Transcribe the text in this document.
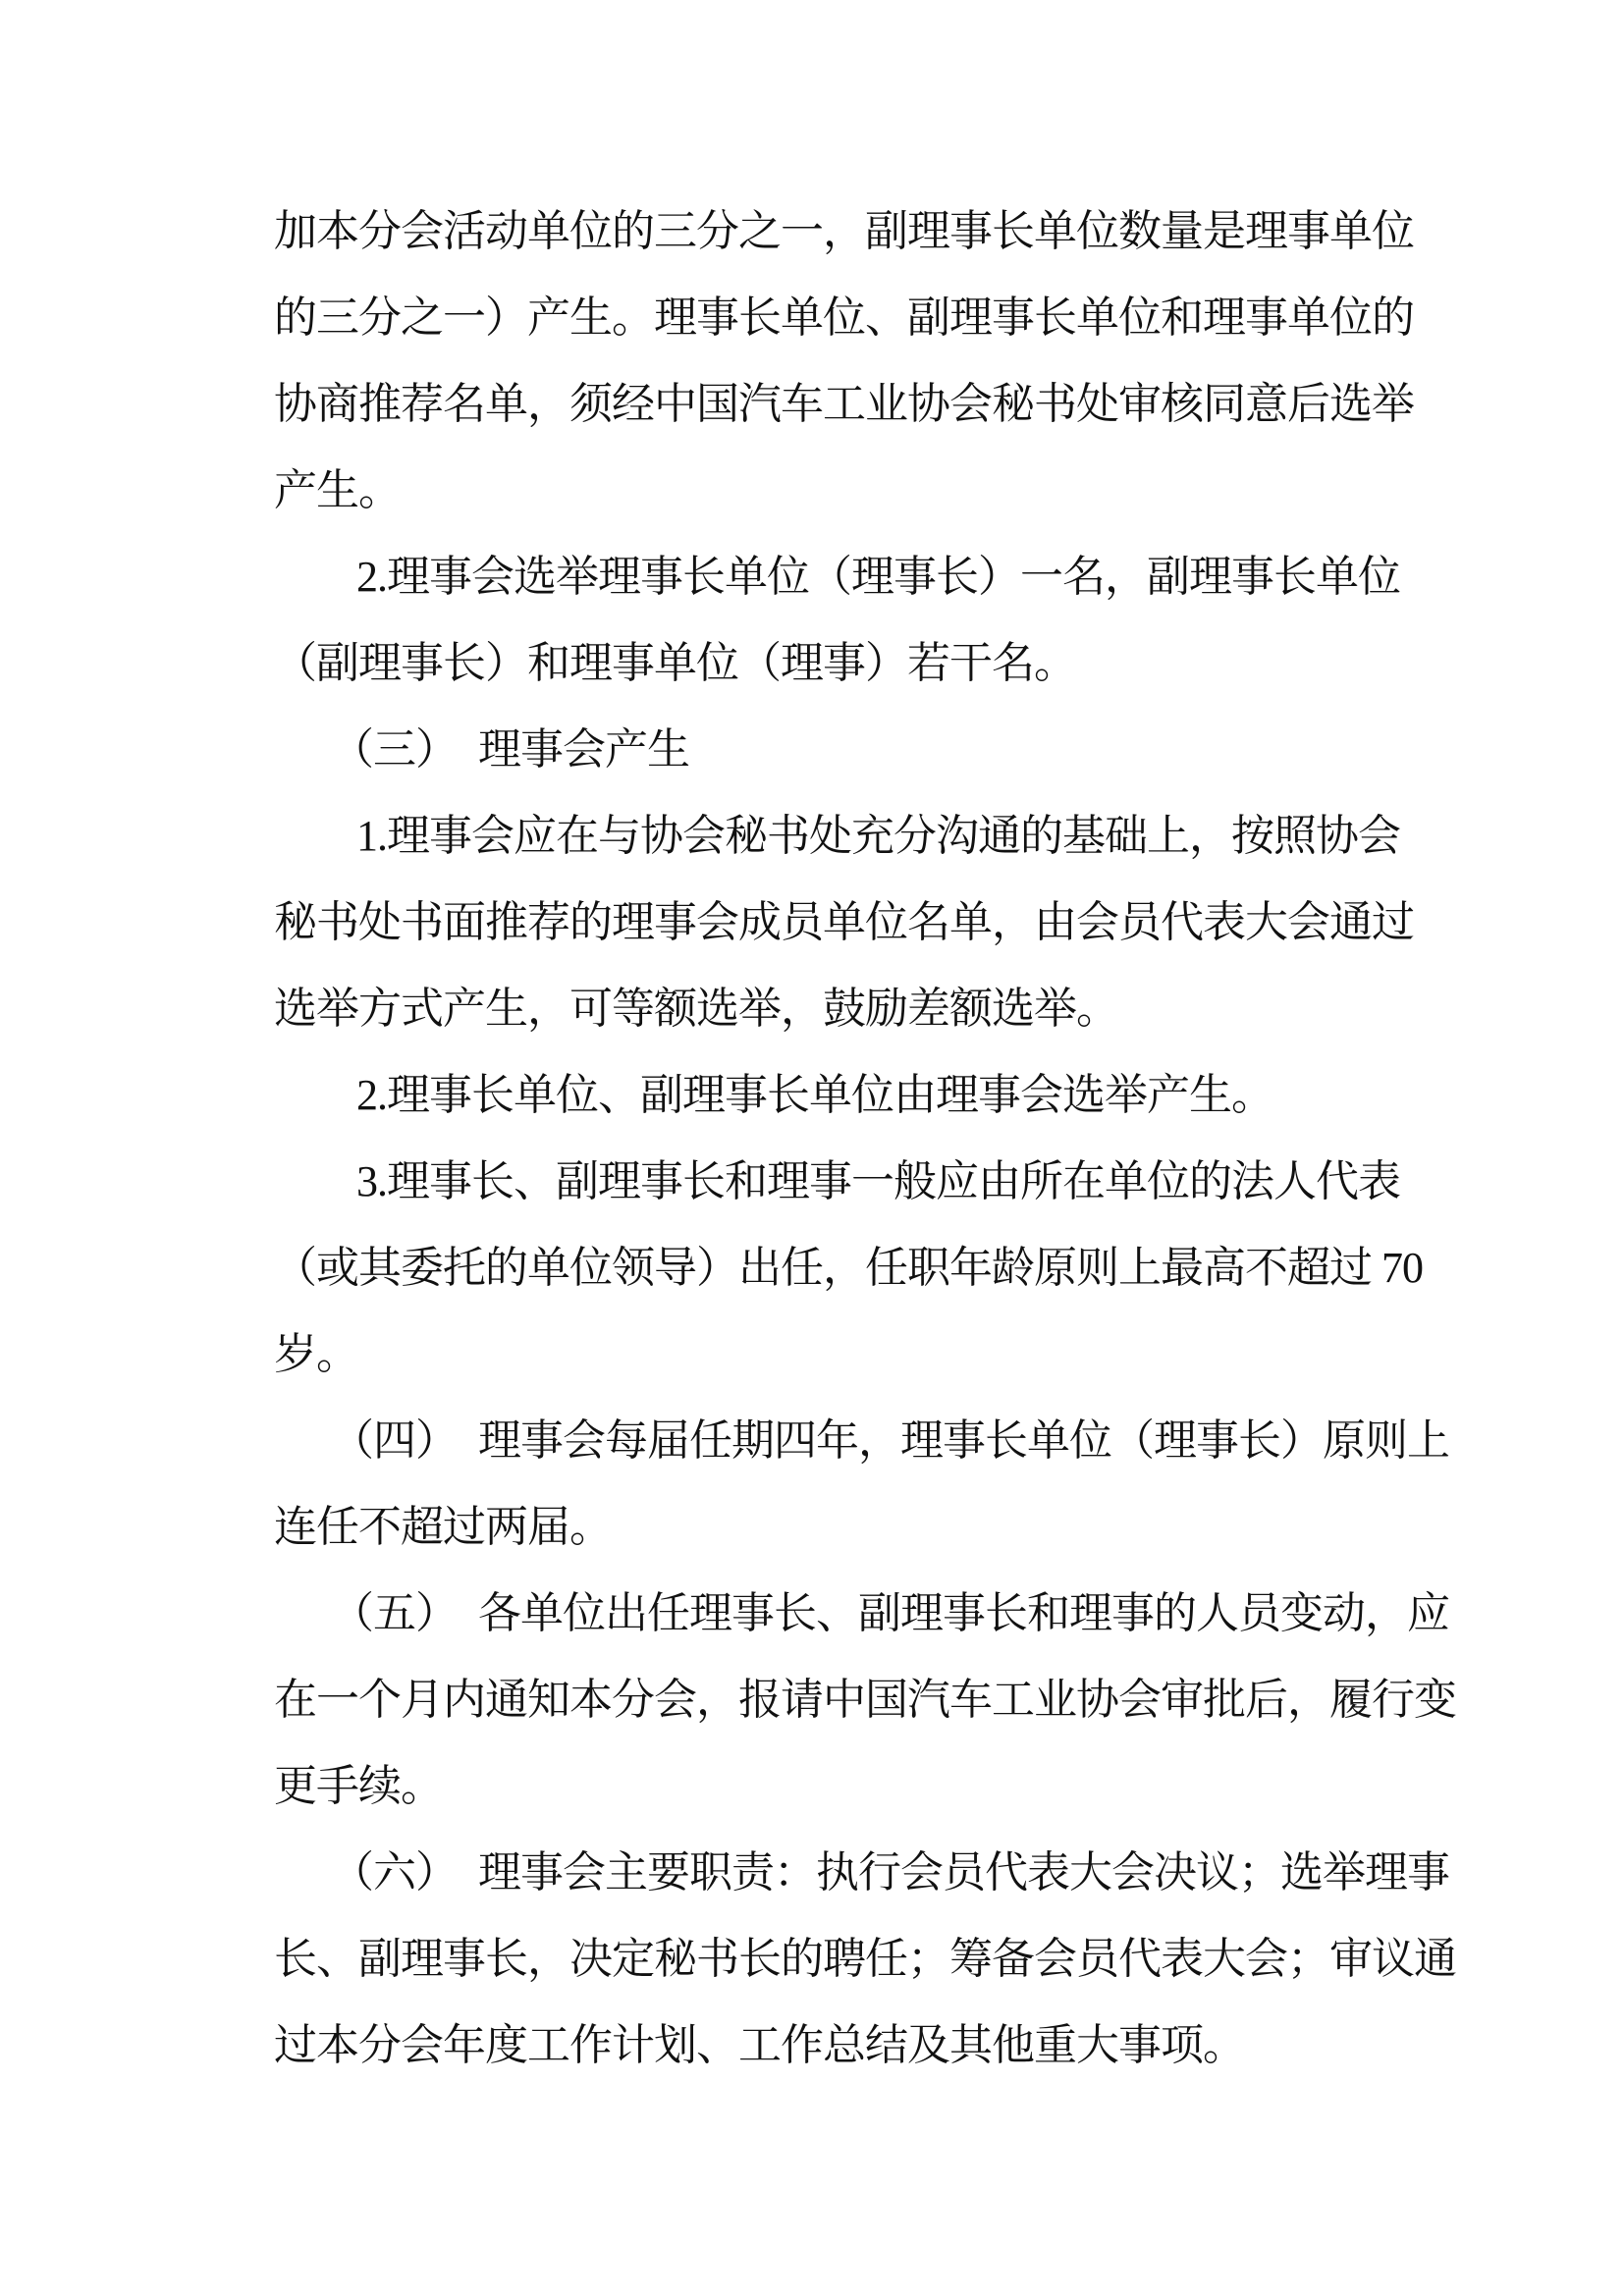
加本分会活动单位的三分之一，副理事长单位数量是理事单位
的三分之一）产生。理事长单位、副理事长单位和理事单位的
协商推荐名单，须经中国汽车工业协会秘书处审核同意后选举
产生。
2.理事会选举理事长单位（理事长）一名，副理事长单位
（副理事长）和理事单位（理事）若干名。
（三）　理事会产生
1.理事会应在与协会秘书处充分沟通的基础上，按照协会
秘书处书面推荐的理事会成员单位名单，由会员代表大会通过
选举方式产生，可等额选举，鼓励差额选举。
2.理事长单位、副理事长单位由理事会选举产生。
3.理事长、副理事长和理事一般应由所在单位的法人代表
（或其委托的单位领导）出任，任职年龄原则上最高不超过 70
岁。
（四）　理事会每届任期四年，理事长单位（理事长）原则上
连任不超过两届。
（五）　各单位出任理事长、副理事长和理事的人员变动，应
在一个月内通知本分会，报请中国汽车工业协会审批后，履行变
更手续。
（六）　理事会主要职责：执行会员代表大会决议；选举理事
长、副理事长，决定秘书长的聘任；筹备会员代表大会；审议通
过本分会年度工作计划、工作总结及其他重大事项。
